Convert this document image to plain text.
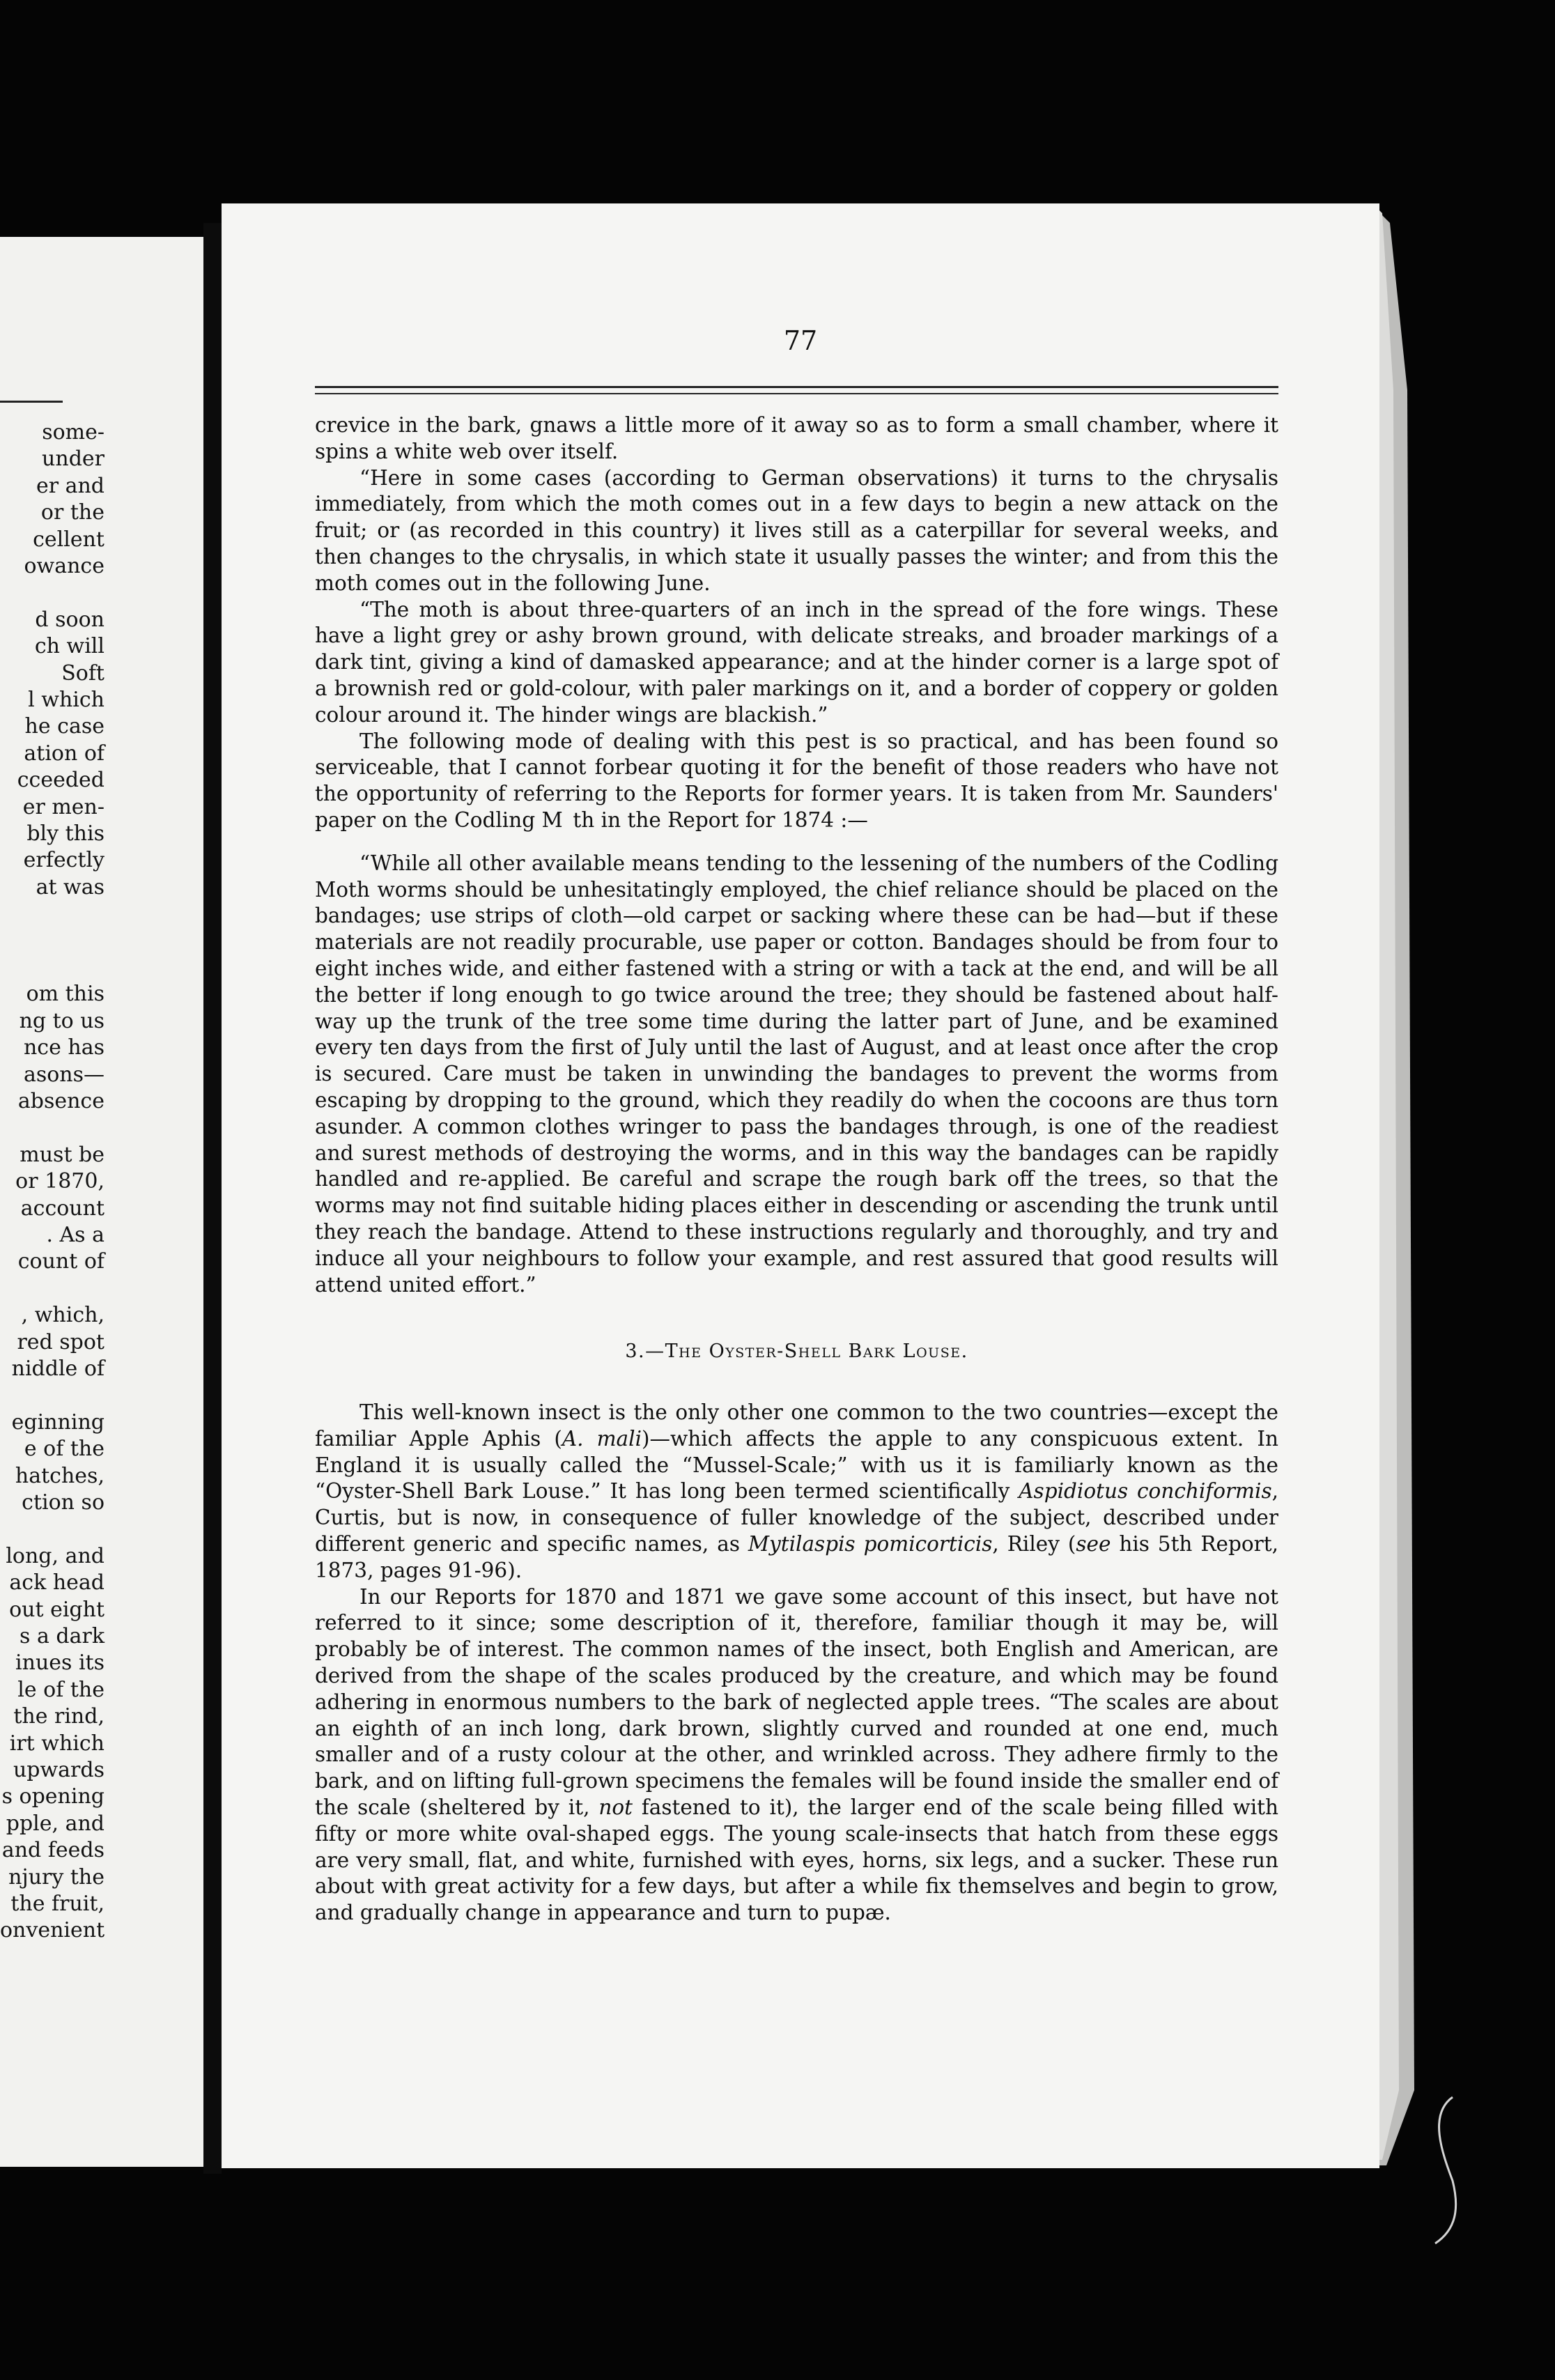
some-
under
er and
or the
cellent
owance
d soon
ch will
Soft
l which
he case
ation of
cceeded
er men-
bly this
erfectly
at was
om this
ng to us
nce has
asons—
absence
must be
or 1870,
account
. As a
count of
, which,
red spot
niddle of
eginning
e of the
hatches,
ction so
long, and
ack head
out eight
s a dark
inues its
le of the
the rind,
irt which
upwards
s opening
pple, and
and feeds
njury the
the fruit,
onvenient
77

crevice in the bark, gnaws a little more of it away so as to form a small chamber, where it spins a white web over itself.

“Here in some cases (according to German observations) it turns to the chrysalis immediately, from which the moth comes out in a few days to begin a new attack on the fruit; or (as recorded in this country) it lives still as a caterpillar for several weeks, and then changes to the chrysalis, in which state it usually passes the winter; and from this the moth comes out in the following June.

“The moth is about three-quarters of an inch in the spread of the fore wings. These have a light grey or ashy brown ground, with delicate streaks, and broader markings of a dark tint, giving a kind of damasked appearance; and at the hinder corner is a large spot of a brownish red or gold-colour, with paler markings on it, and a border of coppery or golden colour around it. The hinder wings are blackish.”

The following mode of dealing with this pest is so practical, and has been found so serviceable, that I cannot forbear quoting it for the benefit of those readers who have not the opportunity of referring to the Reports for former years. It is taken from Mr. Saunders' paper on the Codling M th in the Report for 1874 :—

“While all other available means tending to the lessening of the numbers of the Codling Moth worms should be unhesitatingly employed, the chief reliance should be placed on the bandages; use strips of cloth—old carpet or sacking where these can be had—but if these materials are not readily procurable, use paper or cotton. Bandages should be from four to eight inches wide, and either fastened with a string or with a tack at the end, and will be all the better if long enough to go twice around the tree; they should be fastened about half-way up the trunk of the tree some time during the latter part of June, and be examined every ten days from the first of July until the last of August, and at least once after the crop is secured. Care must be taken in unwinding the bandages to prevent the worms from escaping by dropping to the ground, which they readily do when the cocoons are thus torn asunder. A common clothes wringer to pass the bandages through, is one of the readiest and surest methods of destroying the worms, and in this way the bandages can be rapidly handled and re-applied. Be careful and scrape the rough bark off the trees, so that the worms may not find suitable hiding places either in descending or ascending the trunk until they reach the bandage. Attend to these instructions regularly and thoroughly, and try and induce all your neighbours to follow your example, and rest assured that good results will attend united effort.”

3.—The Oyster-Shell Bark Louse.

This well-known insect is the only other one common to the two countries—except the familiar Apple Aphis (A. mali)—which affects the apple to any conspicuous extent. In England it is usually called the “Mussel-Scale;” with us it is familiarly known as the “Oyster-Shell Bark Louse.” It has long been termed scientifically Aspidiotus conchiformis, Curtis, but is now, in consequence of fuller knowledge of the subject, described under different generic and specific names, as Mytilaspis pomicorticis, Riley (see his 5th Report, 1873, pages 91-96).

In our Reports for 1870 and 1871 we gave some account of this insect, but have not referred to it since; some description of it, therefore, familiar though it may be, will probably be of interest. The common names of the insect, both English and American, are derived from the shape of the scales produced by the creature, and which may be found adhering in enormous numbers to the bark of neglected apple trees. “The scales are about an eighth of an inch long, dark brown, slightly curved and rounded at one end, much smaller and of a rusty colour at the other, and wrinkled across. They adhere firmly to the bark, and on lifting full-grown specimens the females will be found inside the smaller end of the scale (sheltered by it, not fastened to it), the larger end of the scale being filled with fifty or more white oval-shaped eggs. The young scale-insects that hatch from these eggs are very small, flat, and white, furnished with eyes, horns, six legs, and a sucker. These run about with great activity for a few days, but after a while fix themselves and begin to grow, and gradually change in appearance and turn to pupæ.
